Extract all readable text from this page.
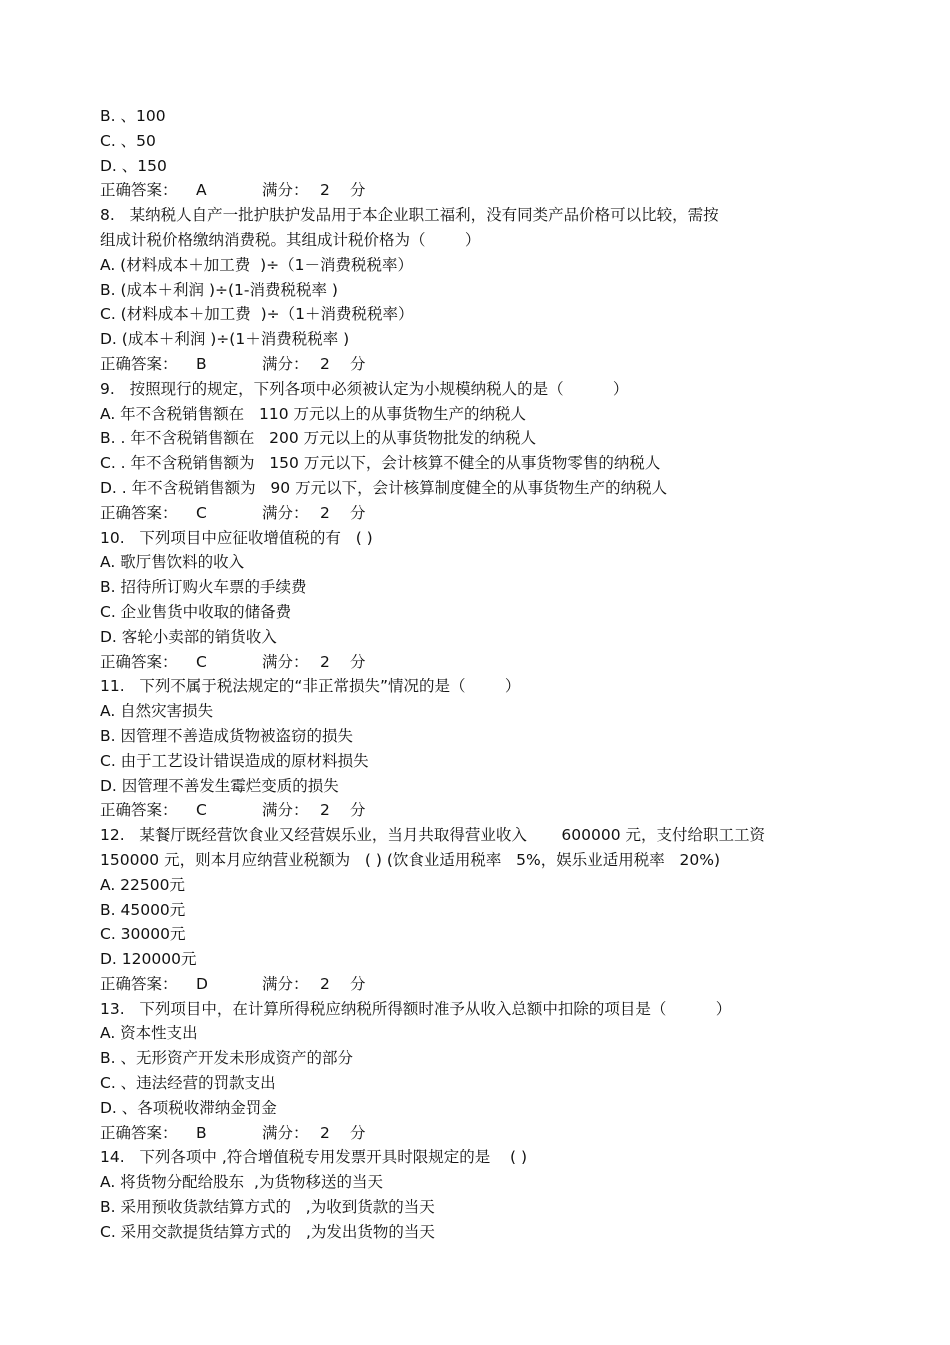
B. 、100
C. 、50
D. 、150
正确答案： A	满分： 2 分
8.   某纳税人自产一批护肤护发品用于本企业职工福利，没有同类产品价格可以比较，需按
组成计税价格缴纳消费税。其组成计税价格为（        ）
A. (材料成本＋加工费  )÷（1－消费税税率）
B. (成本＋利润 )÷(1-消费税税率 )
C. (材料成本＋加工费  )÷（1＋消费税税率）
D. (成本＋利润 )÷(1＋消费税税率 )
正确答案： B	满分： 2 分
9.   按照现行的规定，下列各项中必须被认定为小规模纳税人的是（          ）
A. 年不含税销售额在   110 万元以上的从事货物生产的纳税人
B. . 年不含税销售额在   200 万元以上的从事货物批发的纳税人
C. . 年不含税销售额为   150 万元以下，会计核算不健全的从事货物零售的纳税人
D. . 年不含税销售额为   90 万元以下，会计核算制度健全的从事货物生产的纳税人
正确答案： C	满分： 2 分
10.   下列项目中应征收增值税的有   ( )
A. 歌厅售饮料的收入
B. 招待所订购火车票的手续费
C. 企业售货中收取的储备费
D. 客轮小卖部的销货收入
正确答案： C	满分： 2 分
11.   下列不属于税法规定的“非正常损失”情况的是（        ）
A. 自然灾害损失
B. 因管理不善造成货物被盗窃的损失
C. 由于工艺设计错误造成的原材料损失
D. 因管理不善发生霉烂变质的损失
正确答案： C	满分： 2 分
12.   某餐厅既经营饮食业又经营娱乐业，当月共取得营业收入       600000 元，支付给职工工资
150000 元，则本月应纳营业税额为   ( ) (饮食业适用税率   5%，娱乐业适用税率   20%)
A. 22500元
B. 45000元
C. 30000元
D. 120000元
正确答案： D	满分： 2 分
13.   下列项目中，在计算所得税应纳税所得额时准予从收入总额中扣除的项目是（          ）
A. 资本性支出
B. 、无形资产开发未形成资产的部分
C. 、违法经营的罚款支出
D. 、各项税收滞纳金罚金
正确答案： B	满分： 2 分
14.   下列各项中 ,符合增值税专用发票开具时限规定的是    ( )
A. 将货物分配给股东  ,为货物移送的当天
B. 采用预收货款结算方式的   ,为收到货款的当天
C. 采用交款提货结算方式的   ,为发出货物的当天
